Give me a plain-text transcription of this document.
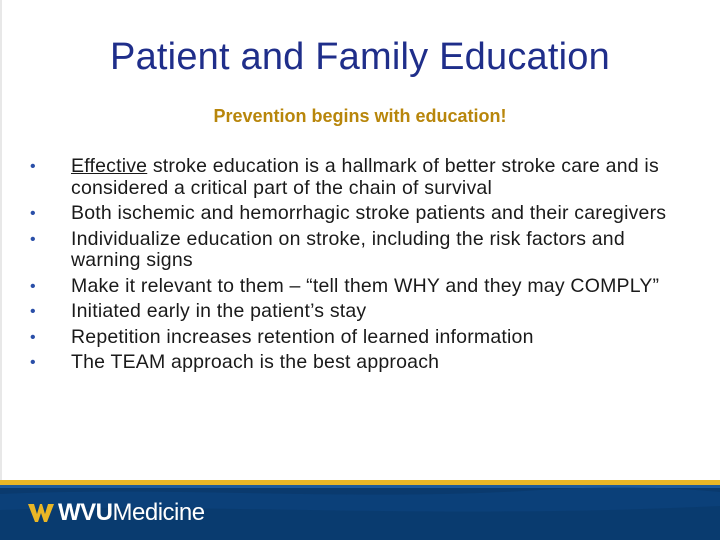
Patient and Family Education
Prevention begins with education!
• Effective stroke education is a hallmark of better stroke care and is considered a critical part of the chain of survival
• Both ischemic and hemorrhagic stroke patients and their caregivers
• Individualize education on stroke, including the risk factors and warning signs
• Make it relevant to them – “tell them WHY and they may COMPLY”
• Initiated early in the patient’s stay
• Repetition increases retention of learned information
• The TEAM approach is the best approach
WVUMedicine
